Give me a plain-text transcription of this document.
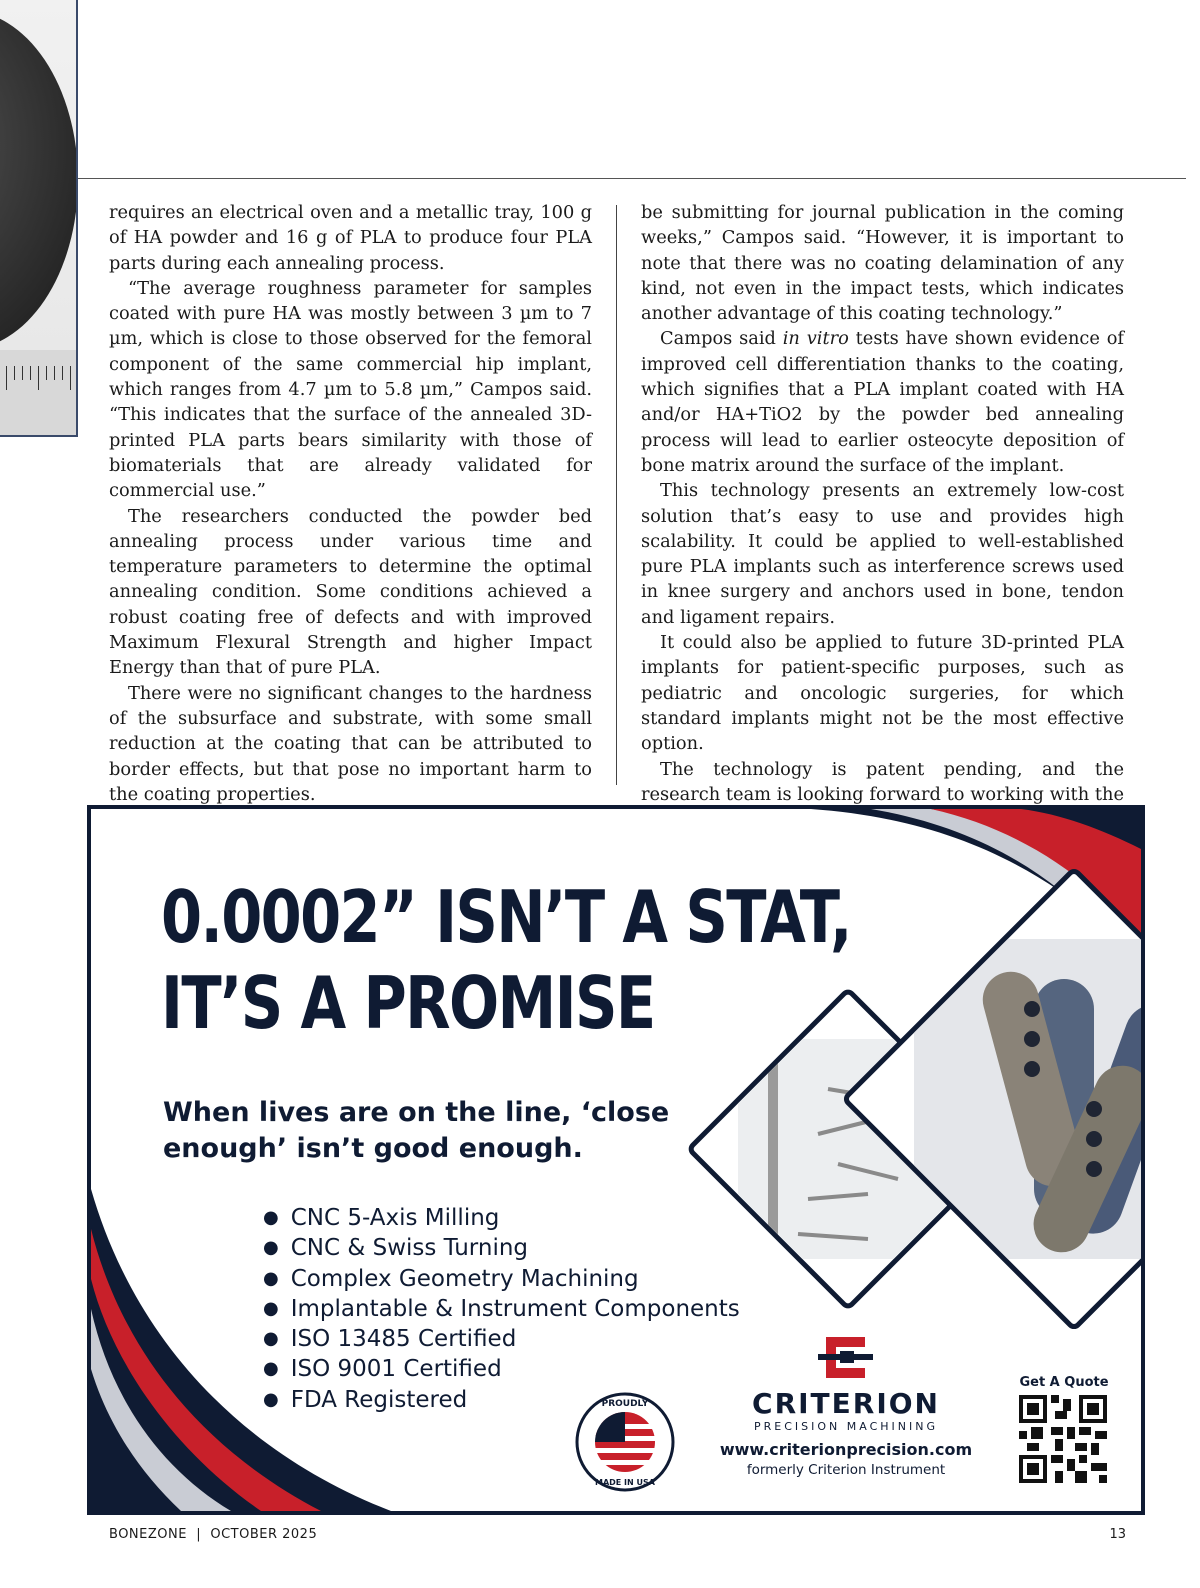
requires an electrical oven and a metallic tray, 100 g of HA powder and 16 g of PLA to produce four PLA parts during each annealing process.

“The average roughness parameter for samples coated with pure HA was mostly between 3 µm to 7 µm, which is close to those observed for the femoral component of the same commercial hip implant, which ranges from 4.7 µm to 5.8 µm,” Campos said. “This indicates that the surface of the annealed 3D-printed PLA parts bears similarity with those of biomaterials that are already validated for commercial use.”

The researchers conducted the powder bed annealing process under various time and temperature parameters to determine the optimal annealing condition. Some conditions achieved a robust coating free of defects and with improved Maximum Flexural Strength and higher Impact Energy than that of pure PLA.

There were no significant changes to the hardness of the subsurface and substrate, with some small reduction at the coating that can be attributed to border effects, but that pose no important harm to the coating properties.

be submitting for journal publication in the coming weeks,” Campos said. “However, it is important to note that there was no coating delamination of any kind, not even in the impact tests, which indicates another advantage of this coating technology.”

Campos said in vitro tests have shown evidence of improved cell differentiation thanks to the coating, which signifies that a PLA implant coated with HA and/or HA+TiO2 by the powder bed annealing process will lead to earlier osteocyte deposition of bone matrix around the surface of the implant.

This technology presents an extremely low-cost solution that’s easy to use and provides high scalability. It could be applied to well-established pure PLA implants such as interference screws used in knee surgery and anchors used in bone, tendon and ligament repairs.

It could also be applied to future 3D-printed PLA implants for patient-specific purposes, such as pediatric and oncologic surgeries, for which standard implants might not be the most effective option.

The technology is patent pending, and the research team is looking forward to working with the

0.0002” ISN’T A STAT,
IT’S A PROMISE
When lives are on the line, ‘close enough’ isn’t good enough.
● CNC 5-Axis Milling
● CNC & Swiss Turning
● Complex Geometry Machining
● Implantable & Instrument Components
● ISO 13485 Certified
● ISO 9001 Certified
● FDA Registered	PROUDLY
MADE IN USA
CRITERION
PRECISION MACHINING
www.criterionprecision.com
formerly Criterion Instrument
Get A Quote
BONEZONE  |  OCTOBER 2025	13
